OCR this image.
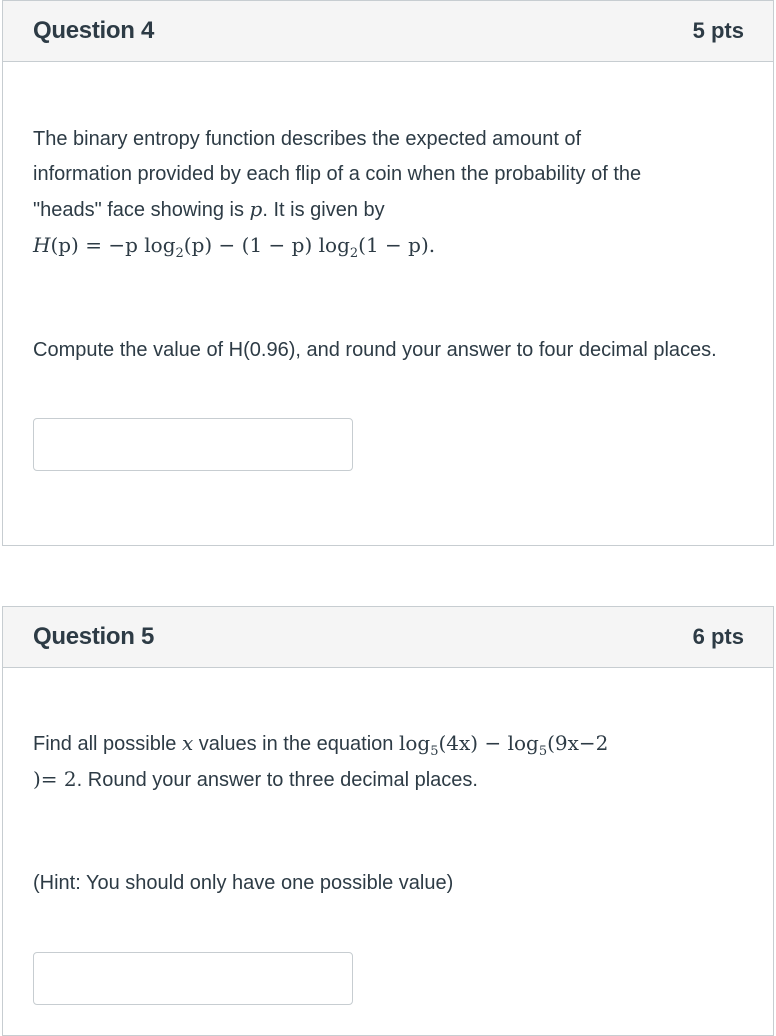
Question 4	5 pts

The binary entropy function describes the expected amount of
information provided by each flip of a coin when the probability of the
"heads" face showing is p. It is given by
H(p) = −p $\log_2(p) - (1 - p) \log_2(1 - p)$.

Compute the value of H(0.96), and round your answer to four decimal places.

Question 5	6 pts

Find all possible x values in the equation $\log_5(4x) - \log_5(9x-2$
)= 2. Round your answer to three decimal places.

(Hint: You should only have one possible value)
